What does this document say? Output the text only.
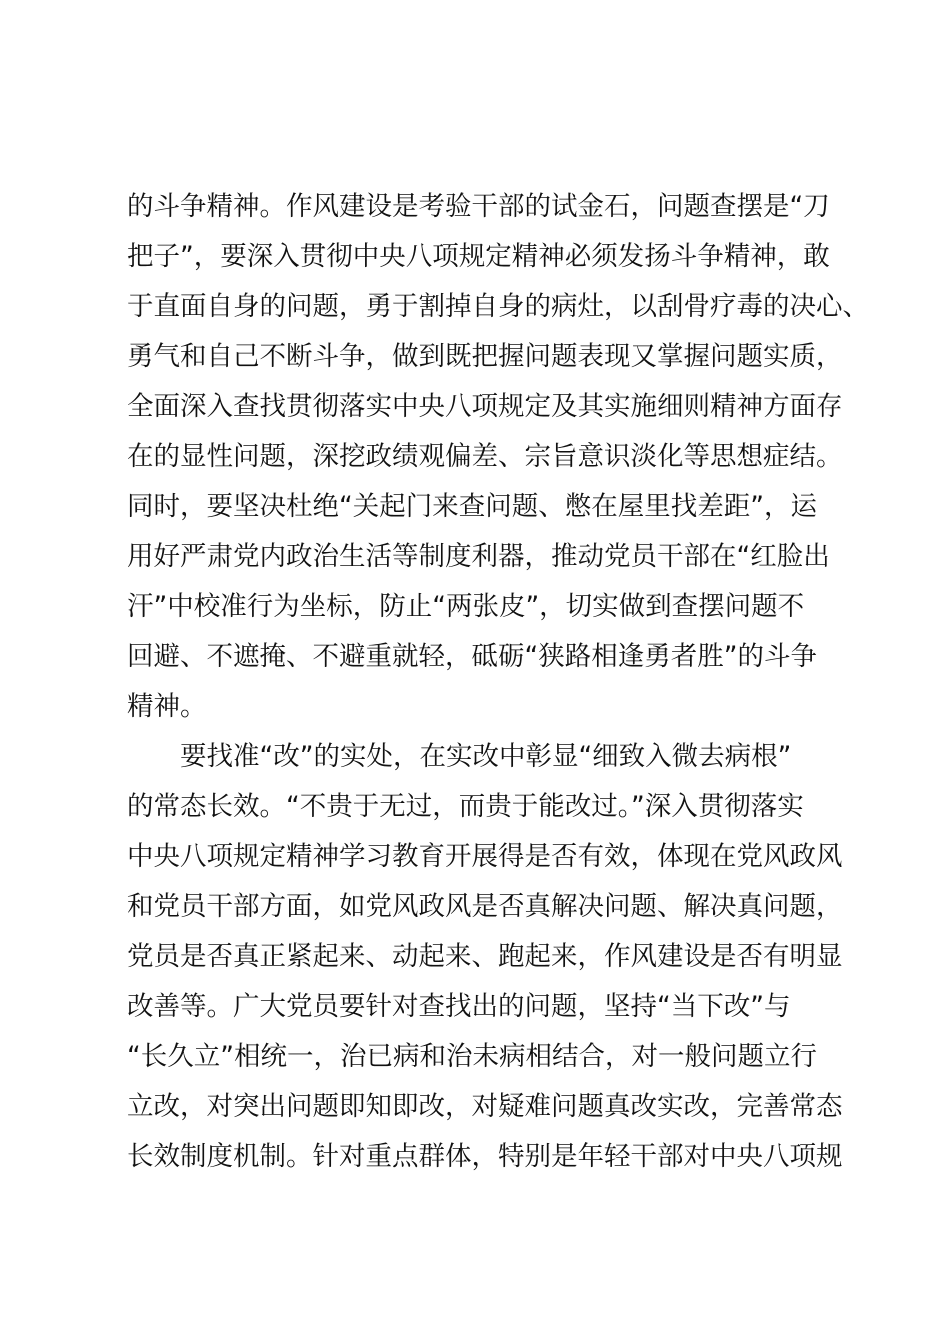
的斗争精神。作风建设是考验干部的试金石，问题查摆是“刀
把子”，要深入贯彻中央八项规定精神必须发扬斗争精神，敢
于直面自身的问题，勇于割掉自身的病灶，以刮骨疗毒的决心、
勇气和自己不断斗争，做到既把握问题表现又掌握问题实质，
全面深入查找贯彻落实中央八项规定及其实施细则精神方面存
在的显性问题，深挖政绩观偏差、宗旨意识淡化等思想症结。
同时，要坚决杜绝“关起门来查问题、憋在屋里找差距”，运
用好严肃党内政治生活等制度利器，推动党员干部在“红脸出
汗”中校准行为坐标，防止“两张皮”，切实做到查摆问题不
回避、不遮掩、不避重就轻，砥砺“狭路相逢勇者胜”的斗争
精神。
　　要找准“改”的实处，在实改中彰显“细致入微去病根”
的常态长效。“不贵于无过，而贵于能改过。”深入贯彻落实
中央八项规定精神学习教育开展得是否有效，体现在党风政风
和党员干部方面，如党风政风是否真解决问题、解决真问题，
党员是否真正紧起来、动起来、跑起来，作风建设是否有明显
改善等。广大党员要针对查找出的问题，坚持“当下改”与
“长久立”相统一，治已病和治未病相结合，对一般问题立行
立改，对突出问题即知即改，对疑难问题真改实改，完善常态
长效制度机制。针对重点群体，特别是年轻干部对中央八项规
